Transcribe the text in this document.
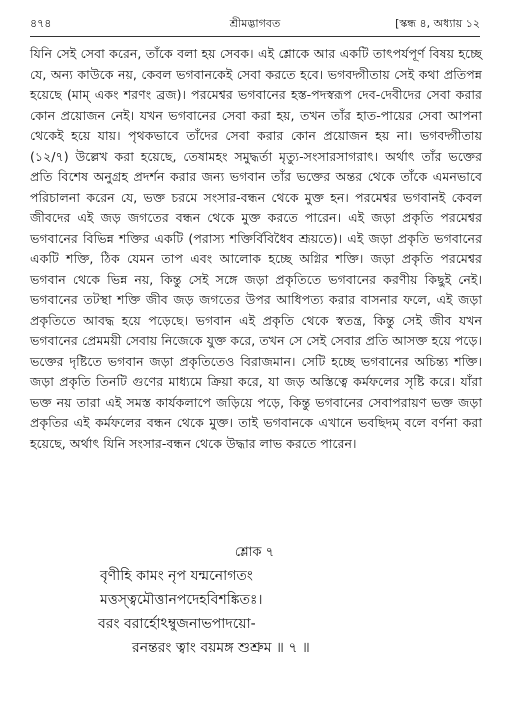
৪৭৪	শ্রীমদ্ভাগবত	[স্কন্ধ ৪, অধ্যায় ১২

যিনি সেই সেবা করেন, তাঁকে বলা হয় সেবক। এই শ্লোকে আর একটি তাৎপর্যপূর্ণ বিষয় হচ্ছে যে, অন্য কাউকে নয়, কেবল ভগবানকেই সেবা করতে হবে। ভগবদ্গীতায় সেই কথা প্রতিপন্ন হয়েছে (মাম্ একং শরণং ব্রজ)। পরমেশ্বর ভগবানের হস্ত-পদস্বরূপ দেব-দেবীদের সেবা করার কোন প্রয়োজন নেই। যখন ভগবানের সেবা করা হয়, তখন তাঁর হাত-পায়ের সেবা আপনা থেকেই হয়ে যায়। পৃথকভাবে তাঁদের সেবা করার কোন প্রয়োজন হয় না। ভগবদ্গীতায় (১২/৭) উল্লেখ করা হয়েছে, তেষামহং সমুদ্ধর্তা মৃত্যু-সংসারসাগরাৎ। অর্থাৎ তাঁর ভক্তের প্রতি বিশেষ অনুগ্রহ প্রদর্শন করার জন্য ভগবান তাঁর ভক্তের অন্তর থেকে তাঁকে এমনভাবে পরিচালনা করেন যে, ভক্ত চরমে সংসার-বন্ধন থেকে মুক্ত হন। পরমেশ্বর ভগবানই কেবল জীবদের এই জড় জগতের বন্ধন থেকে মুক্ত করতে পারেন। এই জড়া প্রকৃতি পরমেশ্বর ভগবানের বিভিন্ন শক্তির একটি (পরাস্য শক্তির্বিবিধৈব শ্রূয়তে)। এই জড়া প্রকৃতি ভগবানের একটি শক্তি, ঠিক যেমন তাপ এবং আলোক হচ্ছে অগ্নির শক্তি। জড়া প্রকৃতি পরমেশ্বর ভগবান থেকে ভিন্ন নয়, কিন্তু সেই সঙ্গে জড়া প্রকৃতিতে ভগবানের করণীয় কিছুই নেই। ভগবানের তটস্থা শক্তি জীব জড় জগতের উপর আধিপত্য করার বাসনার ফলে, এই জড়া প্রকৃতিতে আবদ্ধ হয়ে পড়েছে। ভগবান এই প্রকৃতি থেকে স্বতন্ত্র, কিন্তু সেই জীব যখন ভগবানের প্রেমময়ী সেবায় নিজেকে যুক্ত করে, তখন সে সেই সেবার প্রতি আসক্ত হয়ে পড়ে। ভক্তের দৃষ্টিতে ভগবান জড়া প্রকৃতিতেও বিরাজমান। সেটি হচ্ছে ভগবানের অচিন্ত্য শক্তি। জড়া প্রকৃতি তিনটি গুণের মাধ্যমে ক্রিয়া করে, যা জড় অস্তিত্বে কর্মফলের সৃষ্টি করে। যাঁরা ভক্ত নয় তারা এই সমস্ত কার্যকলাপে জড়িয়ে পড়ে, কিন্তু ভগবানের সেবাপরায়ণ ভক্ত জড়া প্রকৃতির এই কর্মফলের বন্ধন থেকে মুক্ত। তাই ভগবানকে এখানে ভবছিদম্ বলে বর্ণনা করা হয়েছে, অর্থাৎ যিনি সংসার-বন্ধন থেকে উদ্ধার লাভ করতে পারেন।

শ্লোক ৭
বৃণীহি কামং নৃপ যন্মনোগতং
মত্তস্ত্বমৌত্তানপদেহবিশঙ্কিতঃ।
বরং বরার্হোঽম্বুজনাভপাদয়ো-
রনন্তরং ত্বাং বয়মঙ্গ শুশ্রুম ॥ ৭ ॥
